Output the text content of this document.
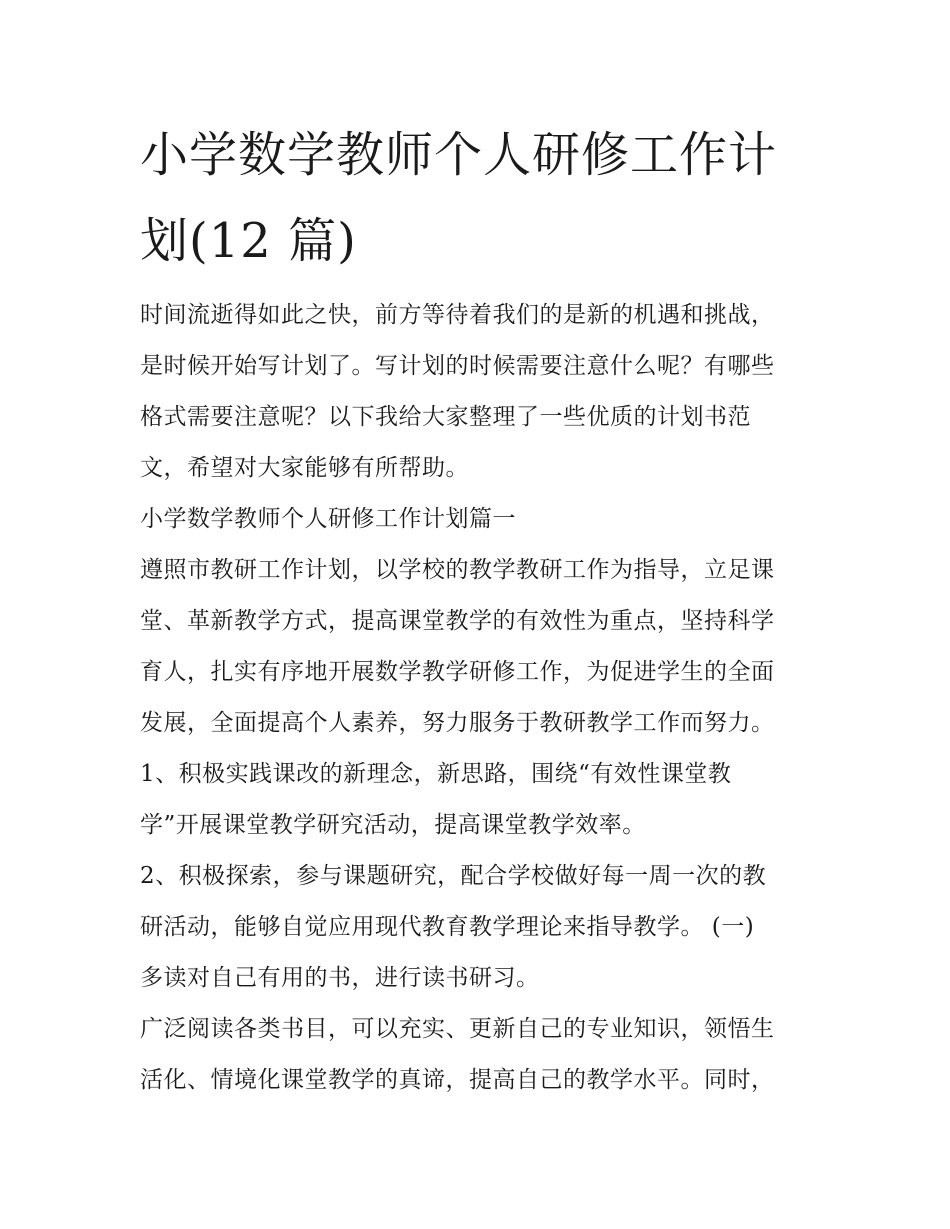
小学数学教师个人研修工作计
划(12 篇)

时间流逝得如此之快，前方等待着我们的是新的机遇和挑战，
是时候开始写计划了。写计划的时候需要注意什么呢？有哪些
格式需要注意呢？以下我给大家整理了一些优质的计划书范
文，希望对大家能够有所帮助。

小学数学教师个人研修工作计划篇一

遵照市教研工作计划，以学校的教学教研工作为指导，立足课
堂、革新教学方式，提高课堂教学的有效性为重点，坚持科学
育人，扎实有序地开展数学教学研修工作，为促进学生的全面
发展，全面提高个人素养，努力服务于教研教学工作而努力。

1、积极实践课改的新理念，新思路，围绕“有效性课堂教
学”开展课堂教学研究活动，提高课堂教学效率。

2、积极探索，参与课题研究，配合学校做好每一周一次的教
研活动，能够自觉应用现代教育教学理论来指导教学。 (一)
多读对自己有用的书，进行读书研习。

广泛阅读各类书目，可以充实、更新自己的专业知识，领悟生
活化、情境化课堂教学的真谛，提高自己的教学水平。同时，
